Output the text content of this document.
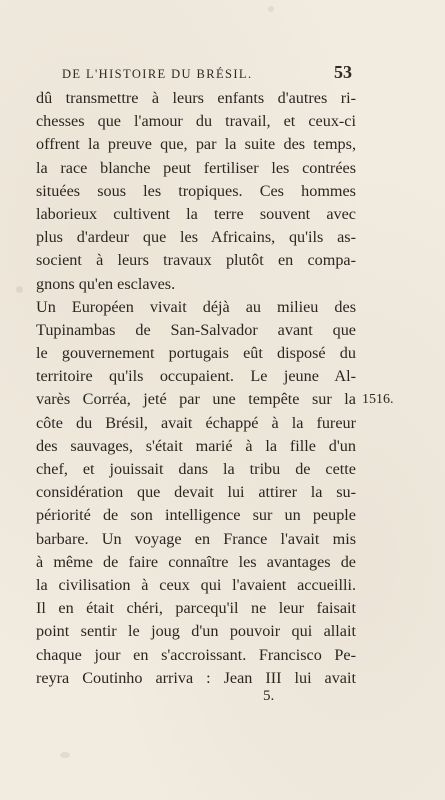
DE L'HISTOIRE DU BRÉSIL.	53
dû transmettre à leurs enfants d'autres ri-
chesses que l'amour du travail, et ceux-ci
offrent la preuve que, par la suite des temps,
la race blanche peut fertiliser les contrées
situées sous les tropiques. Ces hommes
laborieux cultivent la terre souvent avec
plus d'ardeur que les Africains, qu'ils as-
socient à leurs travaux plutôt en compa-
gnons qu'en esclaves.
Un Européen vivait déjà au milieu des
Tupinambas de San-Salvador avant que
le gouvernement portugais eût disposé du
territoire qu'ils occupaient. Le jeune Al-
varès Corréa, jeté par une tempête sur la
côte du Brésil, avait échappé à la fureur
des sauvages, s'était marié à la fille d'un
chef, et jouissait dans la tribu de cette
considération que devait lui attirer la su-
périorité de son intelligence sur un peuple
barbare. Un voyage en France l'avait mis
à même de faire connaître les avantages de
la civilisation à ceux qui l'avaient accueilli.
Il en était chéri, parcequ'il ne leur faisait
point sentir le joug d'un pouvoir qui allait
chaque jour en s'accroissant. Francisco Pe-
reyra Coutinho arriva : Jean III lui avait
1516.
5.
